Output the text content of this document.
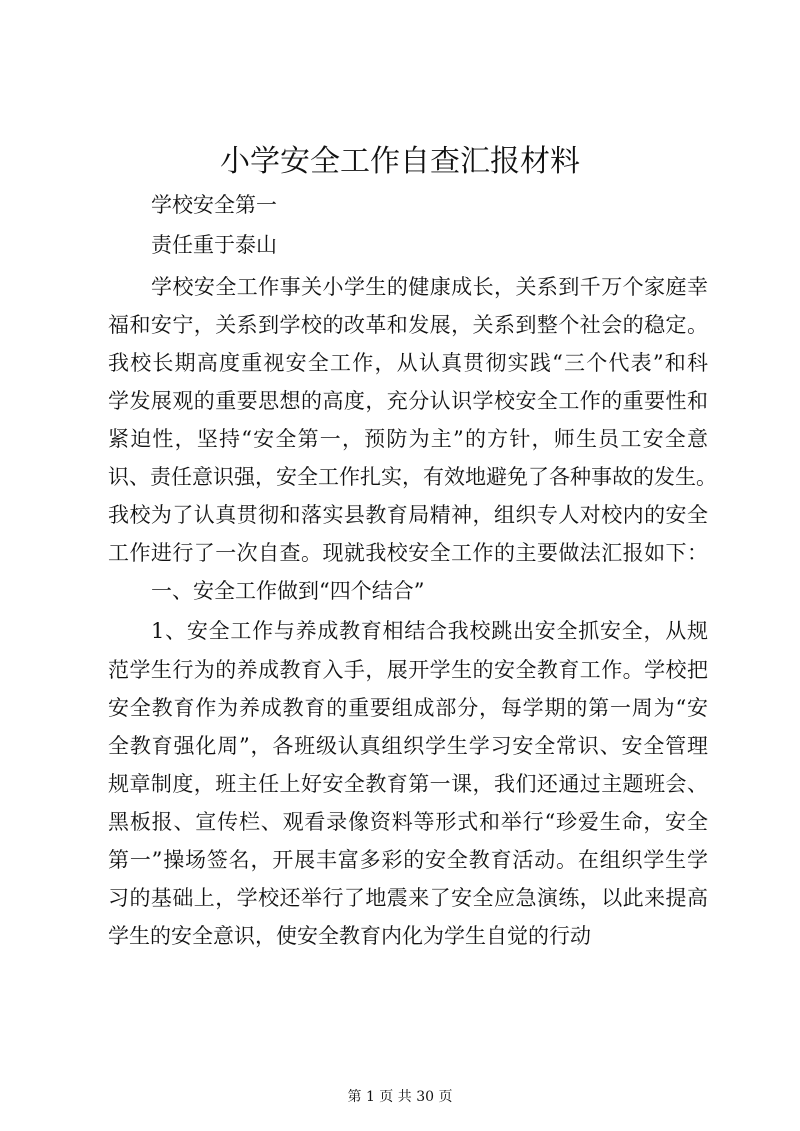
小学安全工作自查汇报材料
学校安全第一
责任重于泰山
学校安全工作事关小学生的健康成长，关系到千万个家庭幸
福和安宁，关系到学校的改革和发展，关系到整个社会的稳定。
我校长期高度重视安全工作，从认真贯彻实践“三个代表”和科
学发展观的重要思想的高度，充分认识学校安全工作的重要性和
紧迫性，坚持“安全第一，预防为主”的方针，师生员工安全意
识、责任意识强，安全工作扎实，有效地避免了各种事故的发生。
我校为了认真贯彻和落实县教育局精神，组织专人对校内的安全
工作进行了一次自查。现就我校安全工作的主要做法汇报如下：
一、安全工作做到“四个结合”
1、安全工作与养成教育相结合我校跳出安全抓安全，从规
范学生行为的养成教育入手，展开学生的安全教育工作。学校把
安全教育作为养成教育的重要组成部分，每学期的第一周为“安
全教育强化周”，各班级认真组织学生学习安全常识、安全管理
规章制度，班主任上好安全教育第一课，我们还通过主题班会、
黑板报、宣传栏、观看录像资料等形式和举行“珍爱生命，安全
第一”操场签名，开展丰富多彩的安全教育活动。在组织学生学
习的基础上，学校还举行了地震来了安全应急演练，以此来提高
学生的安全意识，使安全教育内化为学生自觉的行动
第 1 页 共 30 页
